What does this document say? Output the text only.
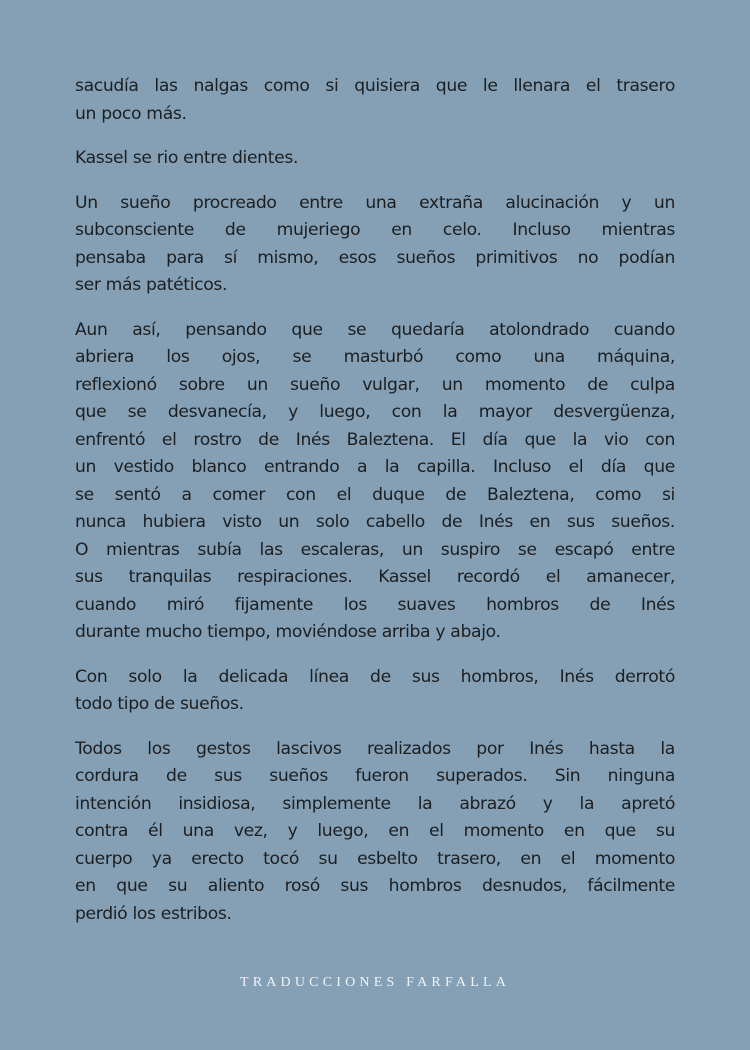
sacudía las nalgas como si quisiera que le llenara el trasero
un poco más.

Kassel se rio entre dientes.

Un sueño procreado entre una extraña alucinación y un
subconsciente de mujeriego en celo. Incluso mientras
pensaba para sí mismo, esos sueños primitivos no podían
ser más patéticos.

Aun así, pensando que se quedaría atolondrado cuando
abriera los ojos, se masturbó como una máquina,
reflexionó sobre un sueño vulgar, un momento de culpa
que se desvanecía, y luego, con la mayor desvergüenza,
enfrentó el rostro de Inés Baleztena. El día que la vio con
un vestido blanco entrando a la capilla. Incluso el día que
se sentó a comer con el duque de Baleztena, como si
nunca hubiera visto un solo cabello de Inés en sus sueños.
O mientras subía las escaleras, un suspiro se escapó entre
sus tranquilas respiraciones. Kassel recordó el amanecer,
cuando miró fijamente los suaves hombros de Inés
durante mucho tiempo, moviéndose arriba y abajo.

Con solo la delicada línea de sus hombros, Inés derrotó
todo tipo de sueños.

Todos los gestos lascivos realizados por Inés hasta la
cordura de sus sueños fueron superados. Sin ninguna
intención insidiosa, simplemente la abrazó y la apretó
contra él una vez, y luego, en el momento en que su
cuerpo ya erecto tocó su esbelto trasero, en el momento
en que su aliento rosó sus hombros desnudos, fácilmente
perdió los estribos.

TRADUCCIONES FARFALLA
